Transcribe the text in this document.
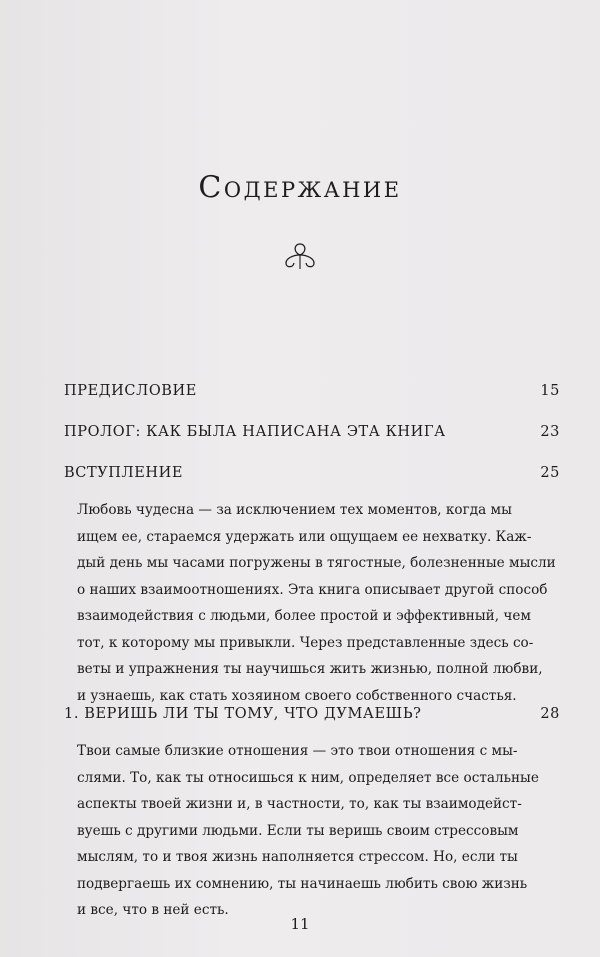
Содержание
ПРЕДИСЛОВИЕ	15
ПРОЛОГ: КАК БЫЛА НАПИСАНА ЭТА КНИГА	23
ВСТУПЛЕНИЕ	25
Любовь чудесна — за исключением тех моментов, когда мы
ищем ее, стараемся удержать или ощущаем ее нехватку. Каж-
дый день мы часами погружены в тягостные, болезненные мысли
о наших взаимоотношениях. Эта книга описывает другой способ
взаимодействия с людьми, более простой и эффективный, чем
тот, к которому мы привыкли. Через представленные здесь со-
веты и упражнения ты научишься жить жизнью, полной любви,
и узнаешь, как стать хозяином своего собственного счастья.
1. ВЕРИШЬ ЛИ ТЫ ТОМУ, ЧТО ДУМАЕШЬ?	28
Твои самые близкие отношения — это твои отношения с мы-
слями. То, как ты относишься к ним, определяет все остальные
аспекты твоей жизни и, в частности, то, как ты взаимодейст-
вуешь с другими людьми. Если ты веришь своим стрессовым
мыслям, то и твоя жизнь наполняется стрессом. Но, если ты
подвергаешь их сомнению, ты начинаешь любить свою жизнь
и все, что в ней есть.
11
